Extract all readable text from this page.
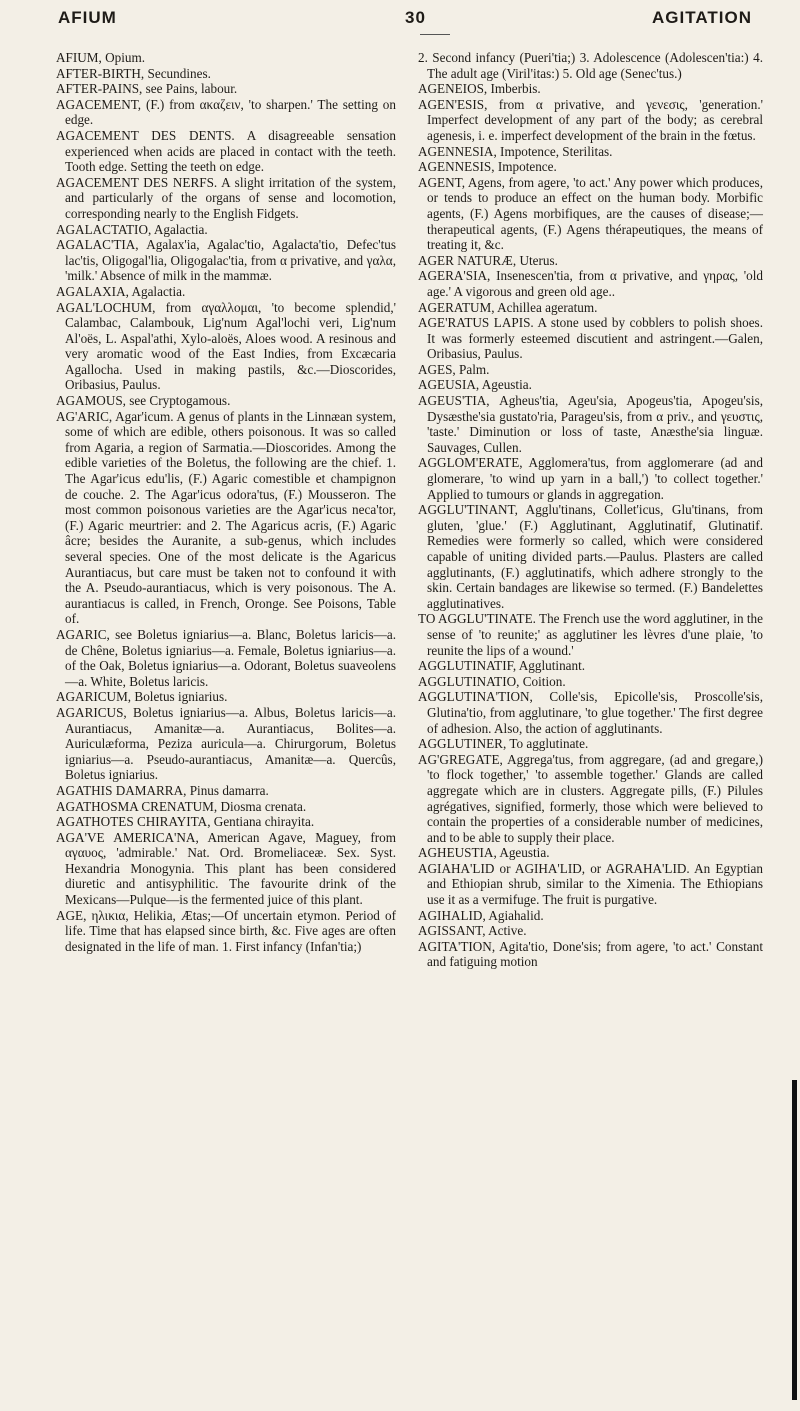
AFIUM	30	AGITATION

AFIUM, Opium.

AFTER-BIRTH, Secundines.

AFTER-PAINS, see Pains, labour.

AGACEMENT, (F.) from ακαζειν, 'to sharpen.' The setting on edge.

AGACEMENT DES DENTS. A disagreeable sensation experienced when acids are placed in contact with the teeth. Tooth edge. Setting the teeth on edge.

AGACEMENT DES NERFS. A slight irritation of the system, and particularly of the organs of sense and locomotion, corresponding nearly to the English Fidgets.

AGALACTATIO, Agalactia.

AGALAC'TIA, Agalax'ia, Agalac'tio, Agalacta'tio, Defec'tus lac'tis, Oligogal'lia, Oligogalac'tia, from α privative, and γαλα, 'milk.' Absence of milk in the mammæ.

AGALAXIA, Agalactia.

AGAL'LOCHUM, from αγαλλομαι, 'to become splendid,' Calambac, Calambouk, Lig'num Agal'lochi veri, Lig'num Al'oës, L. Aspal'athi, Xylo-aloës, Aloes wood. A resinous and very aromatic wood of the East Indies, from Excæcaria Agallocha. Used in making pastils, &c.—Dioscorides, Oribasius, Paulus.

AGAMOUS, see Cryptogamous.

AG'ARIC, Agar'icum. A genus of plants in the Linnæan system, some of which are edible, others poisonous. It was so called from Agaria, a region of Sarmatia.—Dioscorides. Among the edible varieties of the Boletus, the following are the chief. 1. The Agar'icus edu'lis, (F.) Agaric comestible et champignon de couche. 2. The Agar'icus odora'tus, (F.) Mousseron. The most common poisonous varieties are the Agar'icus neca'tor, (F.) Agaric meurtrier: and 2. The Agaricus acris, (F.) Agaric âcre; besides the Auranite, a sub-genus, which includes several species. One of the most delicate is the Agaricus Aurantiacus, but care must be taken not to confound it with the A. Pseudo-aurantiacus, which is very poisonous. The A. aurantiacus is called, in French, Oronge. See Poisons, Table of.

AGARIC, see Boletus igniarius—a. Blanc, Boletus laricis—a. de Chêne, Boletus igniarius—a. Female, Boletus igniarius—a. of the Oak, Boletus igniarius—a. Odorant, Boletus suaveolens—a. White, Boletus laricis.

AGARICUM, Boletus igniarius.

AGARICUS, Boletus igniarius—a. Albus, Boletus laricis—a. Aurantiacus, Amanitæ—a. Aurantiacus, Bolites—a. Auriculæforma, Peziza auricula—a. Chirurgorum, Boletus igniarius—a. Pseudo-aurantiacus, Amanitæ—a. Quercûs, Boletus igniarius.

AGATHIS DAMARRA, Pinus damarra.

AGATHOSMA CRENATUM, Diosma crenata.

AGATHOTES CHIRAYITA, Gentiana chirayita.

AGA'VE AMERICA'NA, American Agave, Maguey, from αγαυος, 'admirable.' Nat. Ord. Bromeliaceæ. Sex. Syst. Hexandria Monogynia. This plant has been considered diuretic and antisyphilitic. The favourite drink of the Mexicans—Pulque—is the fermented juice of this plant.

AGE, ηλικια, Helikia, Ætas;—Of uncertain etymon. Period of life. Time that has elapsed since birth, &c. Five ages are often designated in the life of man. 1. First infancy (Infan'tia;)

2. Second infancy (Pueri'tia;) 3. Adolescence (Adolescen'tia:) 4. The adult age (Viril'itas:) 5. Old age (Senec'tus.)

AGENEIOS, Imberbis.

AGEN'ESIS, from α privative, and γενεσις, 'generation.' Imperfect development of any part of the body; as cerebral agenesis, i. e. imperfect development of the brain in the fœtus.

AGENNESIA, Impotence, Sterilitas.

AGENNESIS, Impotence.

AGENT, Agens, from agere, 'to act.' Any power which produces, or tends to produce an effect on the human body. Morbific agents, (F.) Agens morbifiques, are the causes of disease;—therapeutical agents, (F.) Agens thérapeutiques, the means of treating it, &c.

AGER NATURÆ, Uterus.

AGERA'SIA, Insenescen'tia, from α privative, and γηρας, 'old age.' A vigorous and green old age..

AGERATUM, Achillea ageratum.

AGE'RATUS LAPIS. A stone used by cobblers to polish shoes. It was formerly esteemed discutient and astringent.—Galen, Oribasius, Paulus.

AGES, Palm.

AGEUSIA, Ageustia.

AGEUS'TIA, Agheus'tia, Ageu'sia, Apogeus'tia, Apogeu'sis, Dysæsthe'sia gustato'ria, Parageu'sis, from α priv., and γευστις, 'taste.' Diminution or loss of taste, Anæsthe'sia linguæ. Sauvages, Cullen.

AGGLOM'ERATE, Agglomera'tus, from agglomerare (ad and glomerare, 'to wind up yarn in a ball,') 'to collect together.' Applied to tumours or glands in aggregation.

AGGLU'TINANT, Agglu'tinans, Collet'icus, Glu'tinans, from gluten, 'glue.' (F.) Agglutinant, Agglutinatif, Glutinatif. Remedies were formerly so called, which were considered capable of uniting divided parts.—Paulus. Plasters are called agglutinants, (F.) agglutinatifs, which adhere strongly to the skin. Certain bandages are likewise so termed. (F.) Bandelettes agglutinatives.

TO AGGLU'TINATE. The French use the word agglutiner, in the sense of 'to reunite;' as agglutiner les lèvres d'une plaie, 'to reunite the lips of a wound.'

AGGLUTINATIF, Agglutinant.

AGGLUTINATIO, Coition.

AGGLUTINA'TION, Colle'sis, Epicolle'sis, Proscolle'sis, Glutina'tio, from agglutinare, 'to glue together.' The first degree of adhesion. Also, the action of agglutinants.

AGGLUTINER, To agglutinate.

AG'GREGATE, Aggrega'tus, from aggregare, (ad and gregare,) 'to flock together,' 'to assemble together.' Glands are called aggregate which are in clusters. Aggregate pills, (F.) Pilules agrégatives, signified, formerly, those which were believed to contain the properties of a considerable number of medicines, and to be able to supply their place.

AGHEUSTIA, Ageustia.

AGIAHA'LID or AGIHA'LID, or AGRAHA'LID. An Egyptian and Ethiopian shrub, similar to the Ximenia. The Ethiopians use it as a vermifuge. The fruit is purgative.

AGIHALID, Agiahalid.

AGISSANT, Active.

AGITA'TION, Agita'tio, Done'sis; from agere, 'to act.' Constant and fatiguing motion
